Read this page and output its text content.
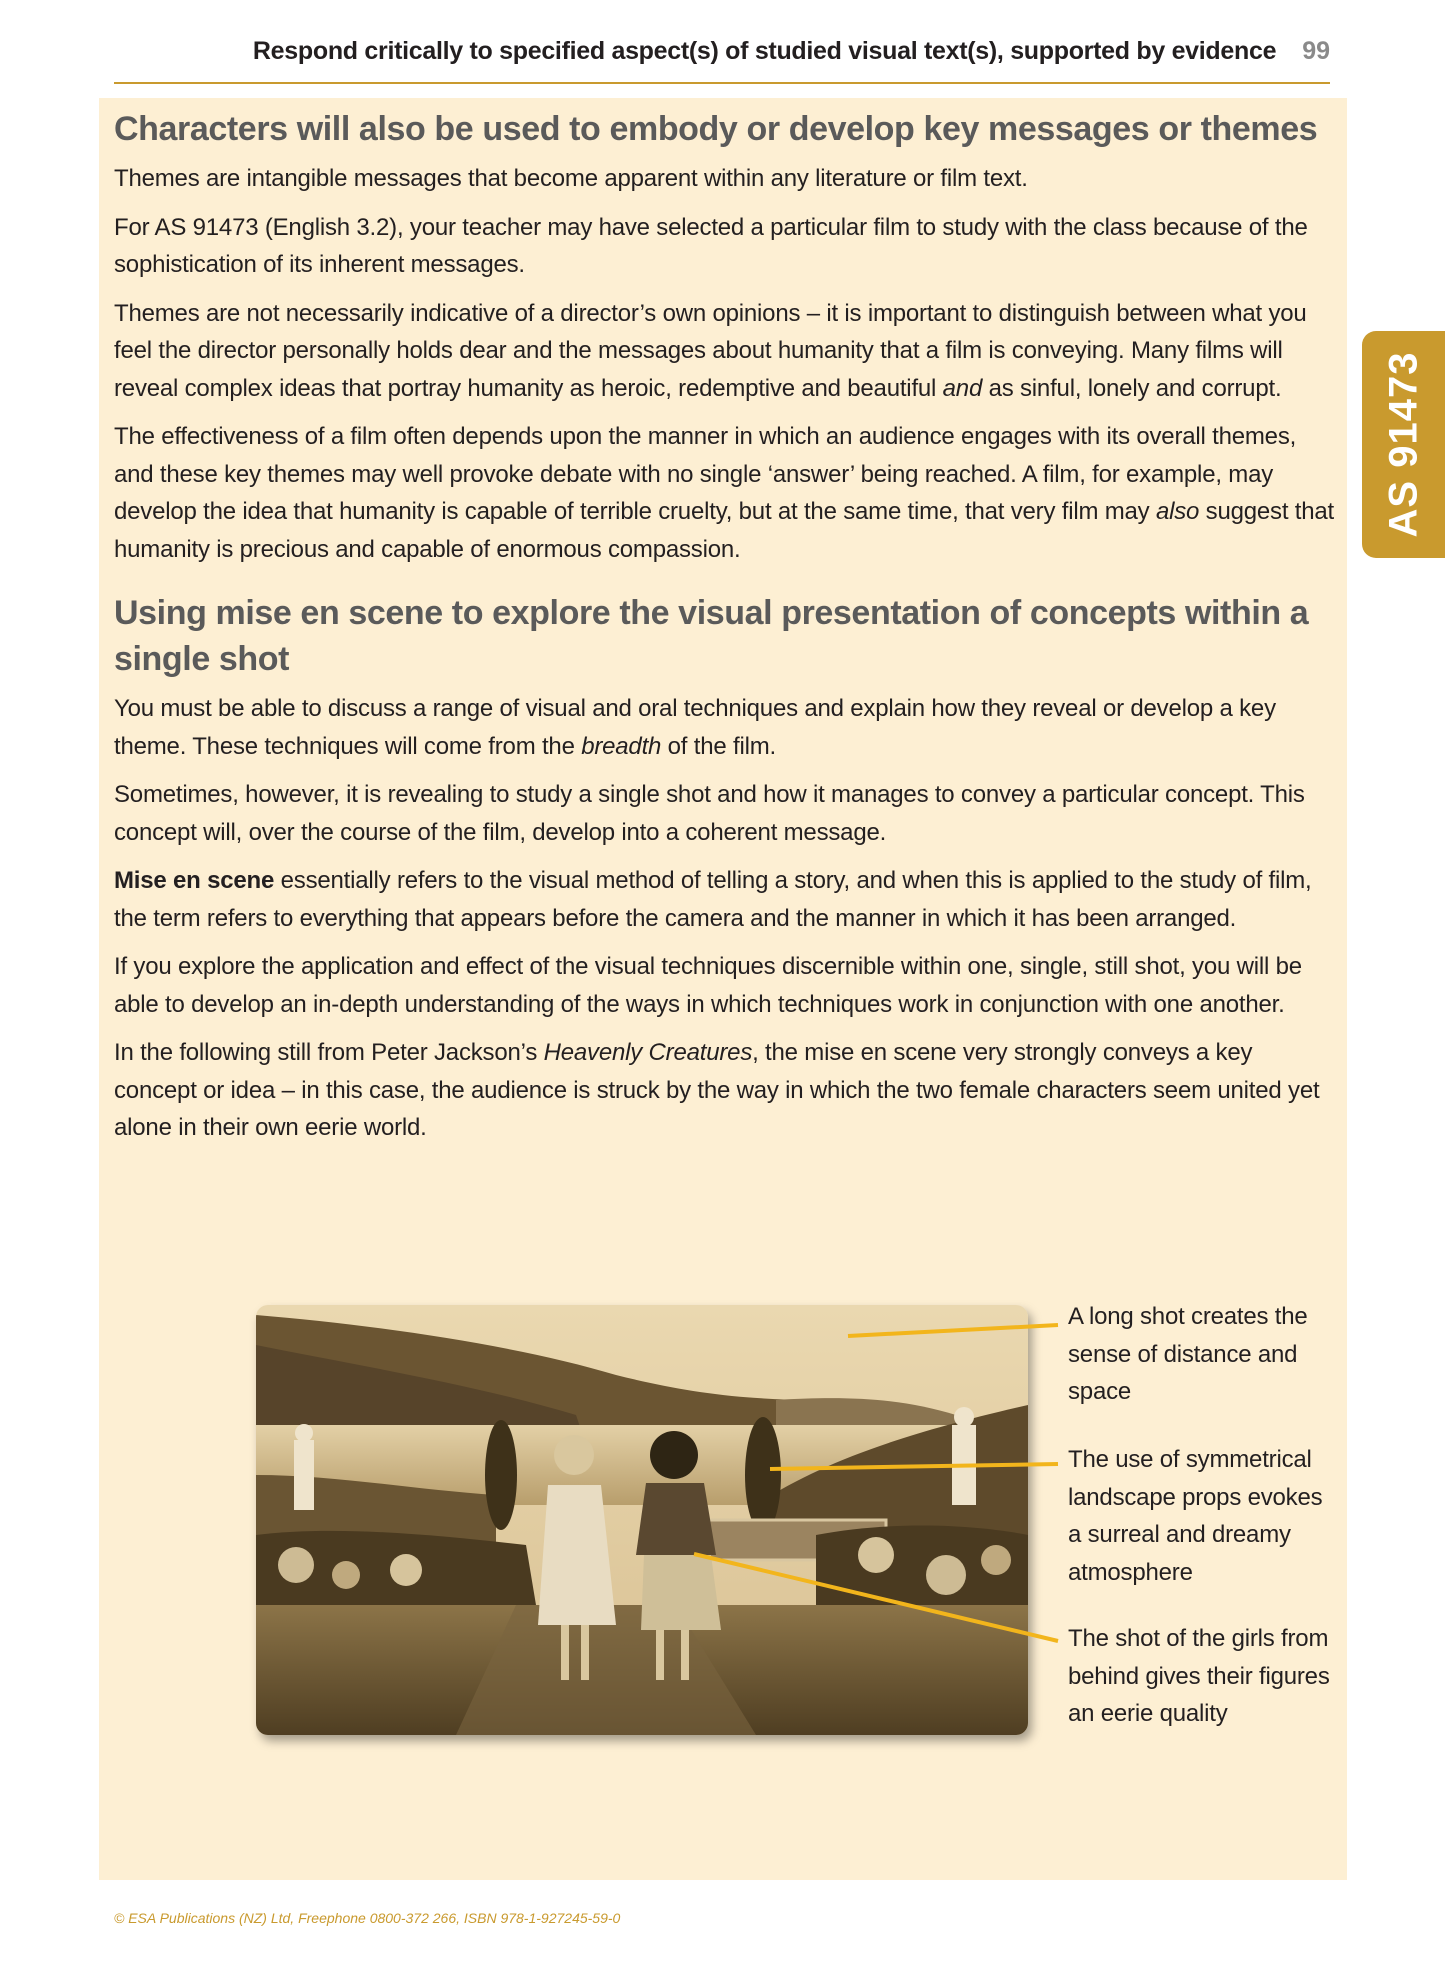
Respond critically to specified aspect(s) of studied visual text(s), supported by evidence 99
AS 91473
Characters will also be used to embody or develop key messages or themes

Themes are intangible messages that become apparent within any literature or film text.

For AS 91473 (English 3.2), your teacher may have selected a particular film to study with the class because of the sophistication of its inherent messages.

Themes are not necessarily indicative of a director’s own opinions – it is important to distinguish between what you feel the director personally holds dear and the messages about humanity that a film is conveying. Many films will reveal complex ideas that portray humanity as heroic, redemptive and beautiful and as sinful, lonely and corrupt.

The effectiveness of a film often depends upon the manner in which an audience engages with its overall themes, and these key themes may well provoke debate with no single ‘answer’ being reached. A film, for example, may develop the idea that humanity is capable of terrible cruelty, but at the same time, that very film may also suggest that humanity is precious and capable of enormous compassion.

Using mise en scene to explore the visual presentation of concepts within a single shot

You must be able to discuss a range of visual and oral techniques and explain how they reveal or develop a key theme. These techniques will come from the breadth of the film.

Sometimes, however, it is revealing to study a single shot and how it manages to convey a particular concept. This concept will, over the course of the film, develop into a coherent message.

Mise en scene essentially refers to the visual method of telling a story, and when this is applied to the study of film, the term refers to everything that appears before the camera and the manner in which it has been arranged.

If you explore the application and effect of the visual techniques discernible within one, single, still shot, you will be able to develop an in-depth understanding of the ways in which techniques work in conjunction with one another.

In the following still from Peter Jackson’s Heavenly Creatures, the mise en scene very strongly conveys a key concept or idea – in this case, the audience is struck by the way in which the two female characters seem united yet alone in their own eerie world.

A long shot creates the sense of distance and space
The use of symmetrical landscape props evokes a surreal and dreamy atmosphere
The shot of the girls from behind gives their figures an eerie quality
© ESA Publications (NZ) Ltd, Freephone 0800-372 266, ISBN 978-1-927245-59-0
